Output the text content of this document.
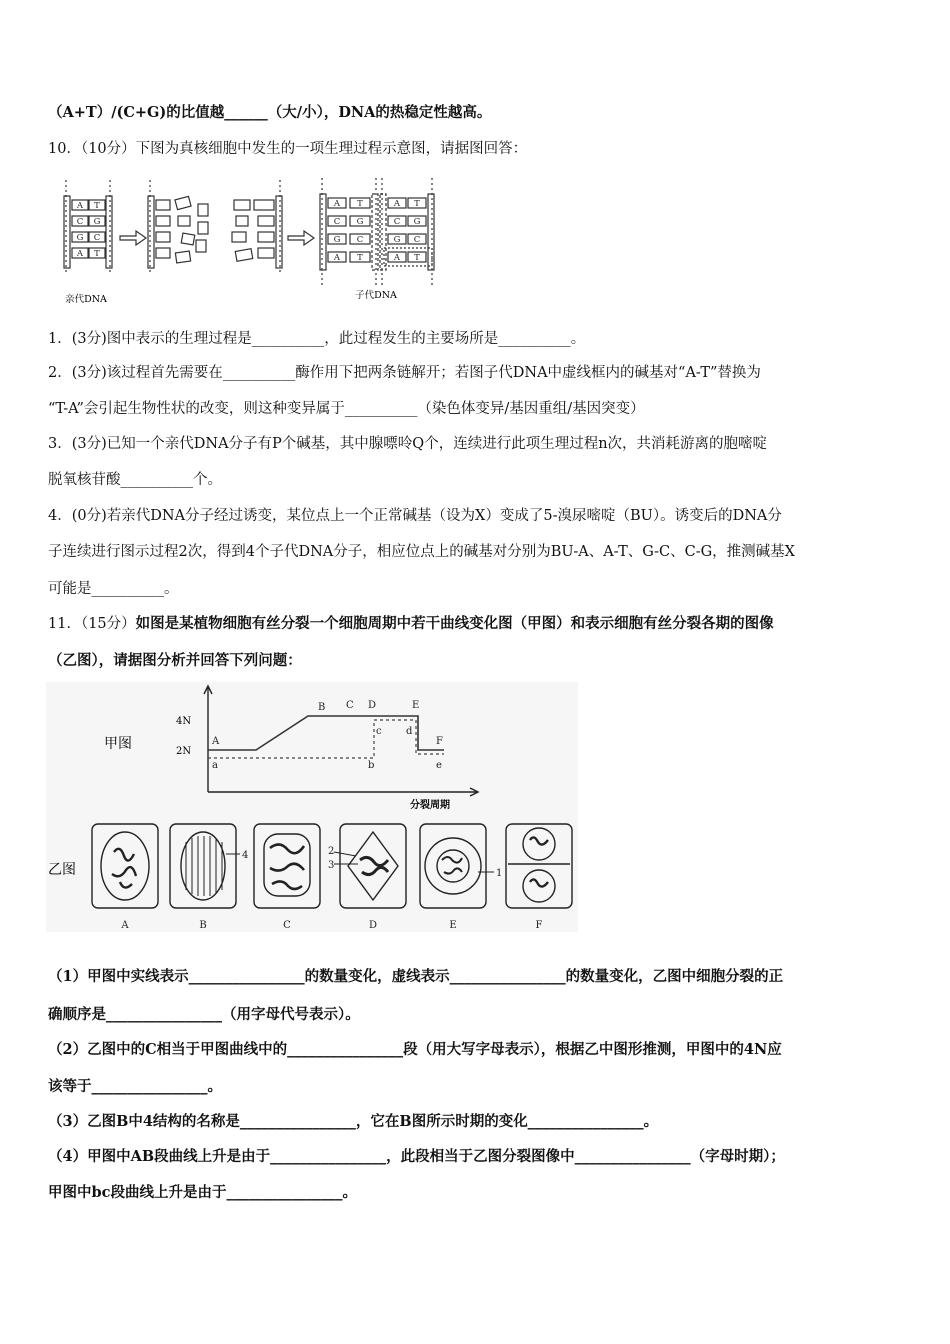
（A+T）/(C+G)的比值越______（大/小），DNA的热稳定性越高。
10．（10分）下图为真核细胞中发生的一项生理过程示意图，请据图回答：
A T
C G
G C
A T
A T
C G
G C
A T
A T
C G
G C
A T
亲代DNA	子代DNA
1．(3分)图中表示的生理过程是__________，此过程发生的主要场所是__________。
2．(3分)该过程首先需要在__________酶作用下把两条链解开；若图子代DNA中虚线框内的碱基对“A-T”替换为
“T-A”会引起生物性状的改变，则这种变异属于__________（染色体变异/基因重组/基因突变）
3．(3分)已知一个亲代DNA分子有P个碱基，其中腺嘌呤Q个，连续进行此项生理过程n次，共消耗游离的胞嘧啶
脱氧核苷酸__________个。
4．(0分)若亲代DNA分子经过诱变，某位点上一个正常碱基（设为X）变成了5-溴尿嘧啶（BU）。诱变后的DNA分
子连续进行图示过程2次，得到4个子代DNA分子，相应位点上的碱基对分别为BU-A、A-T、G-C、C-G，推测碱基X
可能是__________。
11．（15分）如图是某植物细胞有丝分裂一个细胞周期中若干曲线变化图（甲图）和表示细胞有丝分裂各期的图像
（乙图），请据图分析并回答下列问题：
甲图
4N
2N
A
B C D	E
F
a	b
c d
e
分裂周期
乙图
4	2
3
1
A	B	C	D	E	F
（1）甲图中实线表示________________的数量变化，虚线表示________________的数量变化，乙图中细胞分裂的正
确顺序是________________（用字母代号表示）。
（2）乙图中的C相当于甲图曲线中的________________段（用大写字母表示），根据乙中图形推测，甲图中的4N应
该等于________________。
（3）乙图B中4结构的名称是________________，它在B图所示时期的变化________________。
（4）甲图中AB段曲线上升是由于________________，此段相当于乙图分裂图像中________________（字母时期）；
甲图中bc段曲线上升是由于________________。
